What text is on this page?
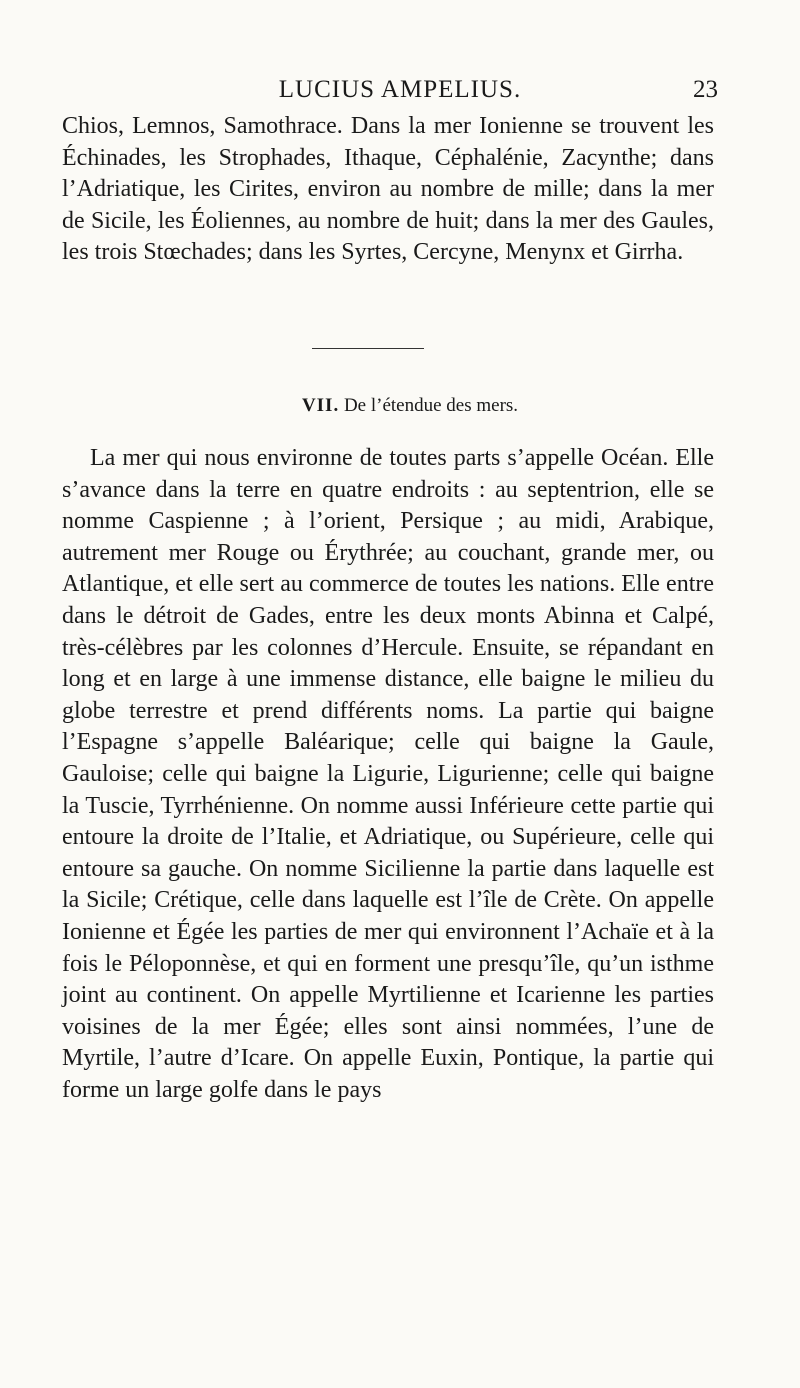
LUCIUS AMPELIUS.	23

Chios, Lemnos, Samothrace. Dans la mer Ionienne se trouvent les Échinades, les Strophades, Ithaque, Céphalénie, Zacynthe; dans l’Adriatique, les Cirites, environ au nombre de mille; dans la mer de Sicile, les Éoliennes, au nombre de huit; dans la mer des Gaules, les trois Stœchades; dans les Syrtes, Cercyne, Menynx et Girrha.

VII. De l’étendue des mers.

La mer qui nous environne de toutes parts s’appelle Océan. Elle s’avance dans la terre en quatre endroits : au septentrion, elle se nomme Caspienne ; à l’orient, Persique ; au midi, Arabique, autrement mer Rouge ou Érythrée; au couchant, grande mer, ou Atlantique, et elle sert au commerce de toutes les nations. Elle entre dans le détroit de Gades, entre les deux monts Abinna et Calpé, très-célèbres par les colonnes d’Hercule. Ensuite, se répandant en long et en large à une immense distance, elle baigne le milieu du globe terrestre et prend différents noms. La partie qui baigne l’Espagne s’appelle Baléarique; celle qui baigne la Gaule, Gauloise; celle qui baigne la Ligurie, Ligurienne; celle qui baigne la Tuscie, Tyrrhénienne. On nomme aussi Inférieure cette partie qui entoure la droite de l’Italie, et Adriatique, ou Supérieure, celle qui entoure sa gauche. On nomme Sicilienne la partie dans laquelle est la Sicile; Crétique, celle dans laquelle est l’île de Crète. On appelle Ionienne et Égée les parties de mer qui environnent l’Achaïe et à la fois le Péloponnèse, et qui en forment une presqu’île, qu’un isthme joint au continent. On appelle Myrtilienne et Icarienne les parties voisines de la mer Égée; elles sont ainsi nommées, l’une de Myrtile, l’autre d’Icare. On appelle Euxin, Pontique, la partie qui forme un large golfe dans le pays
